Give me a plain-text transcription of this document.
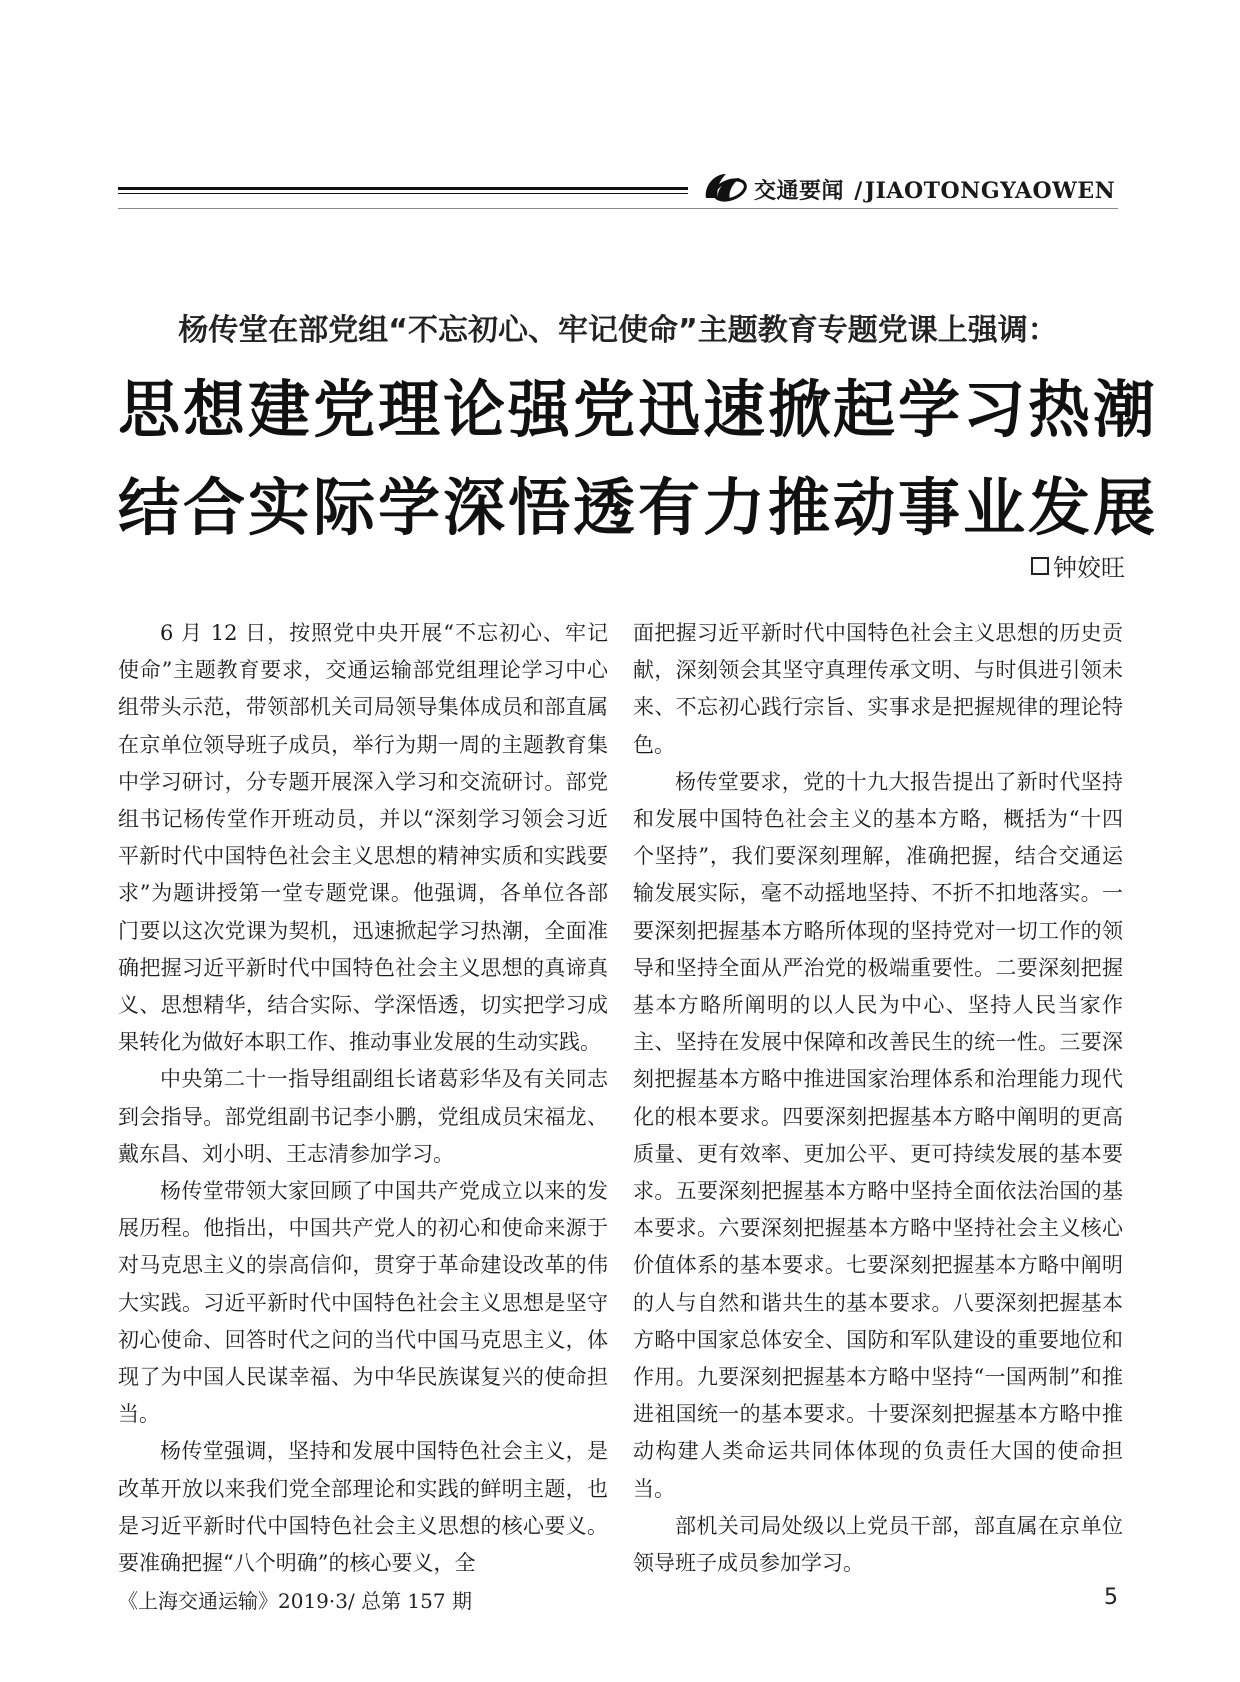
交通要闻 /JIAOTONGYAOWEN
杨传堂在部党组“不忘初心、牢记使命”主题教育专题党课上强调：
思想建党理论强党迅速掀起学习热潮
结合实际学深悟透有力推动事业发展
钟姣旺

6 月 12 日，按照党中央开展“不忘初心、牢记使命”主题教育要求，交通运输部党组理论学习中心组带头示范，带领部机关司局领导集体成员和部直属在京单位领导班子成员，举行为期一周的主题教育集中学习研讨，分专题开展深入学习和交流研讨。部党组书记杨传堂作开班动员，并以“深刻学习领会习近平新时代中国特色社会主义思想的精神实质和实践要求”为题讲授第一堂专题党课。他强调，各单位各部门要以这次党课为契机，迅速掀起学习热潮，全面准确把握习近平新时代中国特色社会主义思想的真谛真义、思想精华，结合实际、学深悟透，切实把学习成果转化为做好本职工作、推动事业发展的生动实践。

中央第二十一指导组副组长诸葛彩华及有关同志到会指导。部党组副书记李小鹏，党组成员宋福龙、戴东昌、刘小明、王志清参加学习。

杨传堂带领大家回顾了中国共产党成立以来的发展历程。他指出，中国共产党人的初心和使命来源于对马克思主义的崇高信仰，贯穿于革命建设改革的伟大实践。习近平新时代中国特色社会主义思想是坚守初心使命、回答时代之问的当代中国马克思主义，体现了为中国人民谋幸福、为中华民族谋复兴的使命担当。

杨传堂强调，坚持和发展中国特色社会主义，是改革开放以来我们党全部理论和实践的鲜明主题，也是习近平新时代中国特色社会主义思想的核心要义。要准确把握“八个明确”的核心要义，全

面把握习近平新时代中国特色社会主义思想的历史贡献，深刻领会其坚守真理传承文明、与时俱进引领未来、不忘初心践行宗旨、实事求是把握规律的理论特色。

杨传堂要求，党的十九大报告提出了新时代坚持和发展中国特色社会主义的基本方略，概括为“十四个坚持”，我们要深刻理解，准确把握，结合交通运输发展实际，毫不动摇地坚持、不折不扣地落实。一要深刻把握基本方略所体现的坚持党对一切工作的领导和坚持全面从严治党的极端重要性。二要深刻把握基本方略所阐明的以人民为中心、坚持人民当家作主、坚持在发展中保障和改善民生的统一性。三要深刻把握基本方略中推进国家治理体系和治理能力现代化的根本要求。四要深刻把握基本方略中阐明的更高质量、更有效率、更加公平、更可持续发展的基本要求。五要深刻把握基本方略中坚持全面依法治国的基本要求。六要深刻把握基本方略中坚持社会主义核心价值体系的基本要求。七要深刻把握基本方略中阐明的人与自然和谐共生的基本要求。八要深刻把握基本方略中国家总体安全、国防和军队建设的重要地位和作用。九要深刻把握基本方略中坚持“一国两制”和推进祖国统一的基本要求。十要深刻把握基本方略中推动构建人类命运共同体体现的负责任大国的使命担当。

部机关司局处级以上党员干部，部直属在京单位领导班子成员参加学习。

《上海交通运输》2019·3/ 总第 157 期	5
